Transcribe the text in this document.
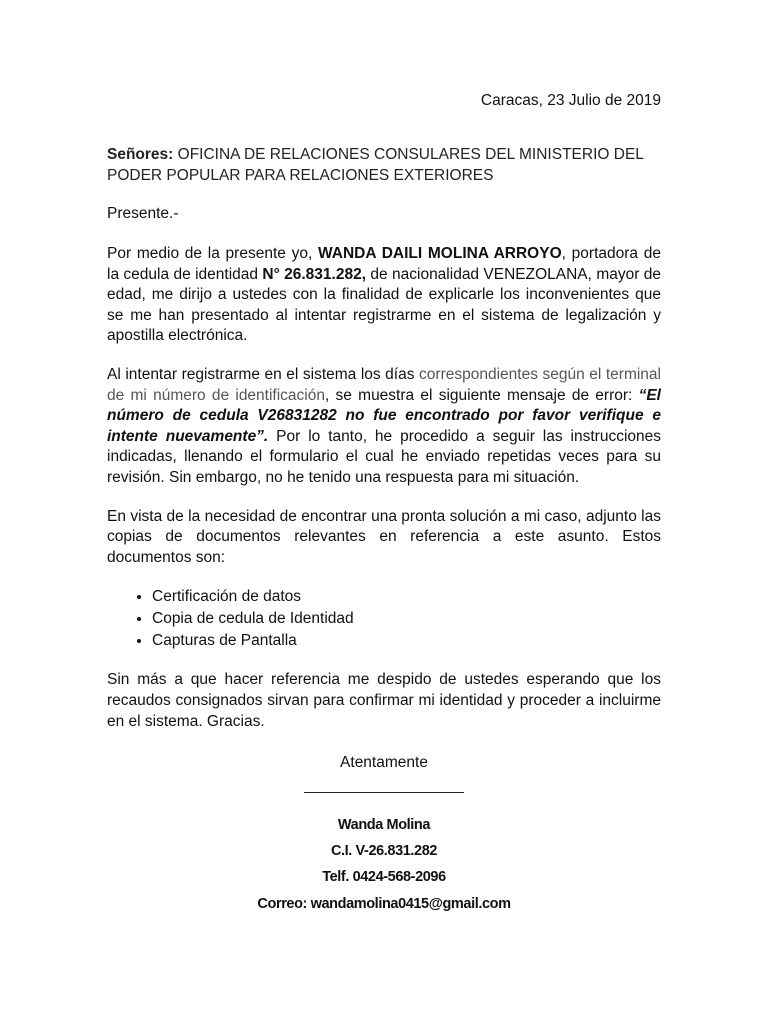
Caracas, 23 Julio de 2019
Señores: OFICINA DE RELACIONES CONSULARES DEL MINISTERIO DEL PODER POPULAR PARA RELACIONES EXTERIORES
Presente.-
Por medio de la presente yo, WANDA DAILI MOLINA ARROYO, portadora de la cedula de identidad N° 26.831.282, de nacionalidad VENEZOLANA, mayor de edad, me dirijo a ustedes con la finalidad de explicarle los inconvenientes que se me han presentado al intentar registrarme en el sistema de legalización y apostilla electrónica.
Al intentar registrarme en el sistema los días correspondientes según el terminal de mi número de identificación, se muestra el siguiente mensaje de error: “El número de cedula V26831282 no fue encontrado por favor verifique e intente nuevamente”. Por lo tanto, he procedido a seguir las instrucciones indicadas, llenando el formulario el cual he enviado repetidas veces para su revisión. Sin embargo, no he tenido una respuesta para mi situación.
En vista de la necesidad de encontrar una pronta solución a mi caso, adjunto las copias de documentos relevantes en referencia a este asunto. Estos documentos son:
• Certificación de datos
• Copia de cedula de Identidad
• Capturas de Pantalla
Sin más a que hacer referencia me despido de ustedes esperando que los recaudos consignados sirvan para confirmar mi identidad y proceder a incluirme en el sistema. Gracias.
Atentamente
Wanda Molina
C.I. V-26.831.282
Telf. 0424-568-2096
Correo: wandamolina0415@gmail.com
